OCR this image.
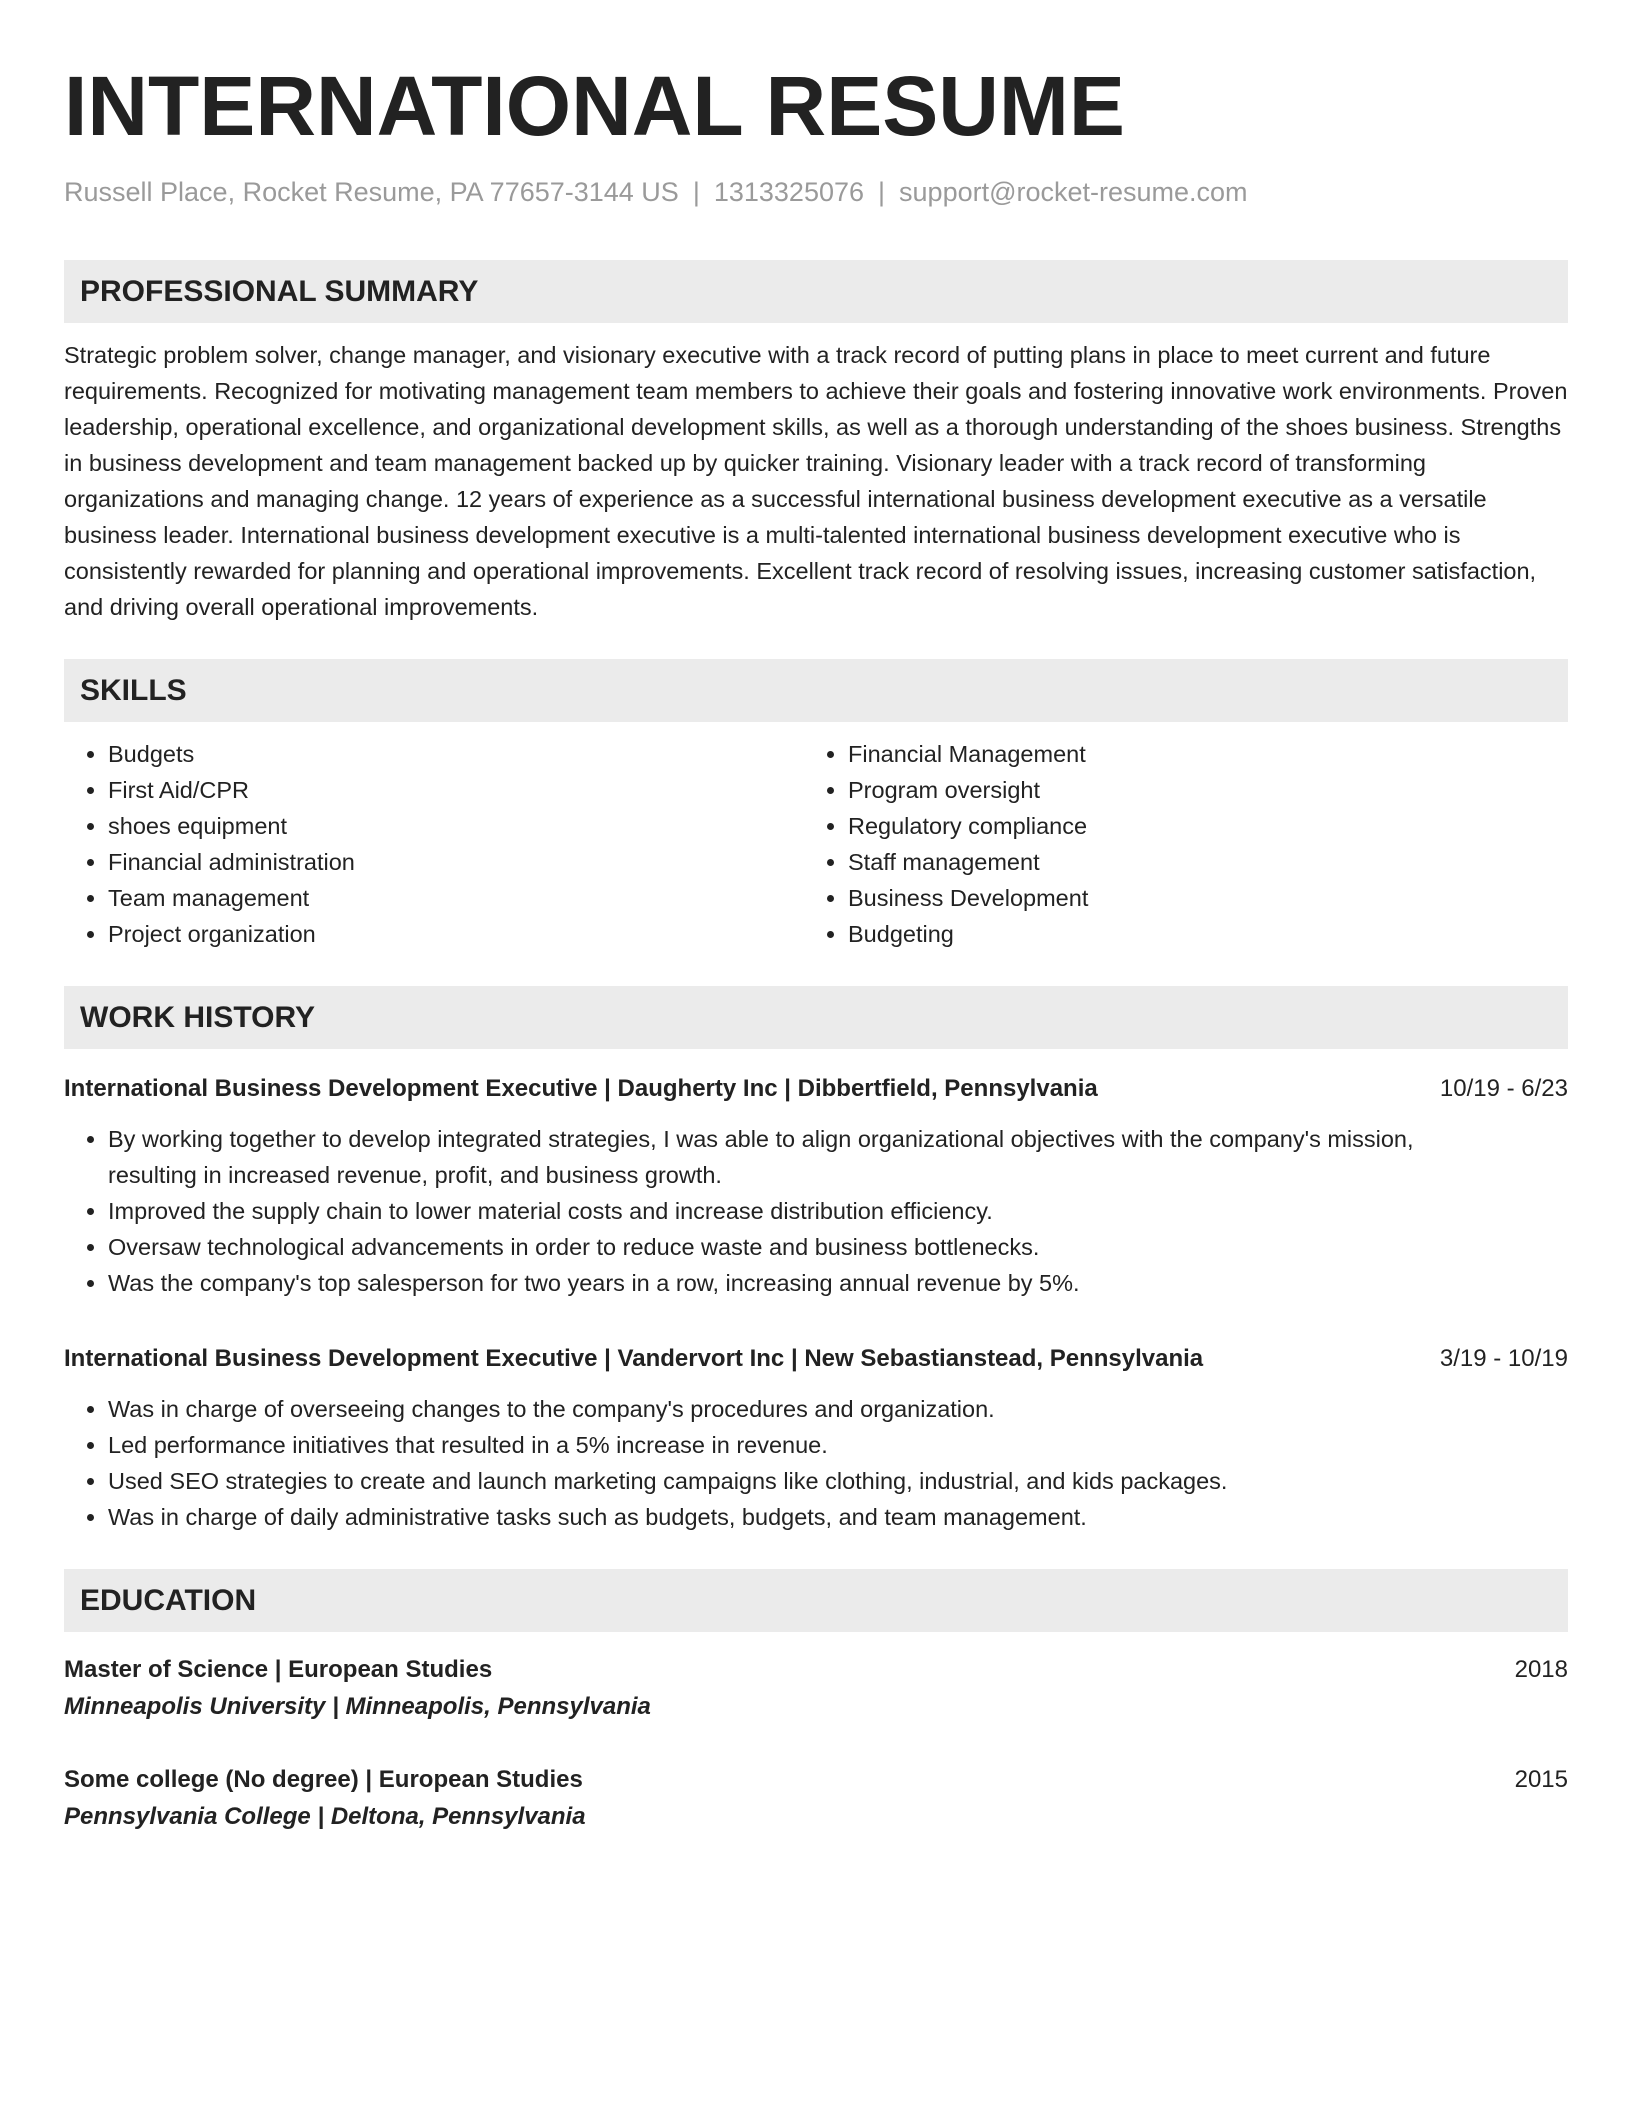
INTERNATIONAL RESUME
Russell Place, Rocket Resume, PA 77657-3144 US | 1313325076 | support@rocket-resume.com
PROFESSIONAL SUMMARY

Strategic problem solver, change manager, and visionary executive with a track record of putting plans in place to meet current and future requirements. Recognized for motivating management team members to achieve their goals and fostering innovative work environments. Proven leadership, operational excellence, and organizational development skills, as well as a thorough understanding of the shoes business. Strengths in business development and team management backed up by quicker training. Visionary leader with a track record of transforming organizations and managing change. 12 years of experience as a successful international business development executive as a versatile business leader. International business development executive is a multi-talented international business development executive who is consistently rewarded for planning and operational improvements. Excellent track record of resolving issues, increasing customer satisfaction, and driving overall operational improvements.

SKILLS
• Budgets
• First Aid/CPR
• shoes equipment
• Financial administration
• Team management
• Project organization
• Financial Management
• Program oversight
• Regulatory compliance
• Staff management
• Business Development
• Budgeting
WORK HISTORY
International Business Development Executive | Daugherty Inc | Dibbertfield, Pennsylvania	10/19 - 6/23
• By working together to develop integrated strategies, I was able to align organizational objectives with the company's mission, resulting in increased revenue, profit, and business growth.
• Improved the supply chain to lower material costs and increase distribution efficiency.
• Oversaw technological advancements in order to reduce waste and business bottlenecks.
• Was the company's top salesperson for two years in a row, increasing annual revenue by 5%.
International Business Development Executive | Vandervort Inc | New Sebastianstead, Pennsylvania	3/19 - 10/19
• Was in charge of overseeing changes to the company's procedures and organization.
• Led performance initiatives that resulted in a 5% increase in revenue.
• Used SEO strategies to create and launch marketing campaigns like clothing, industrial, and kids packages.
• Was in charge of daily administrative tasks such as budgets, budgets, and team management.
EDUCATION
Master of Science | European Studies	2018
Minneapolis University | Minneapolis, Pennsylvania
Some college (No degree) | European Studies	2015
Pennsylvania College | Deltona, Pennsylvania
